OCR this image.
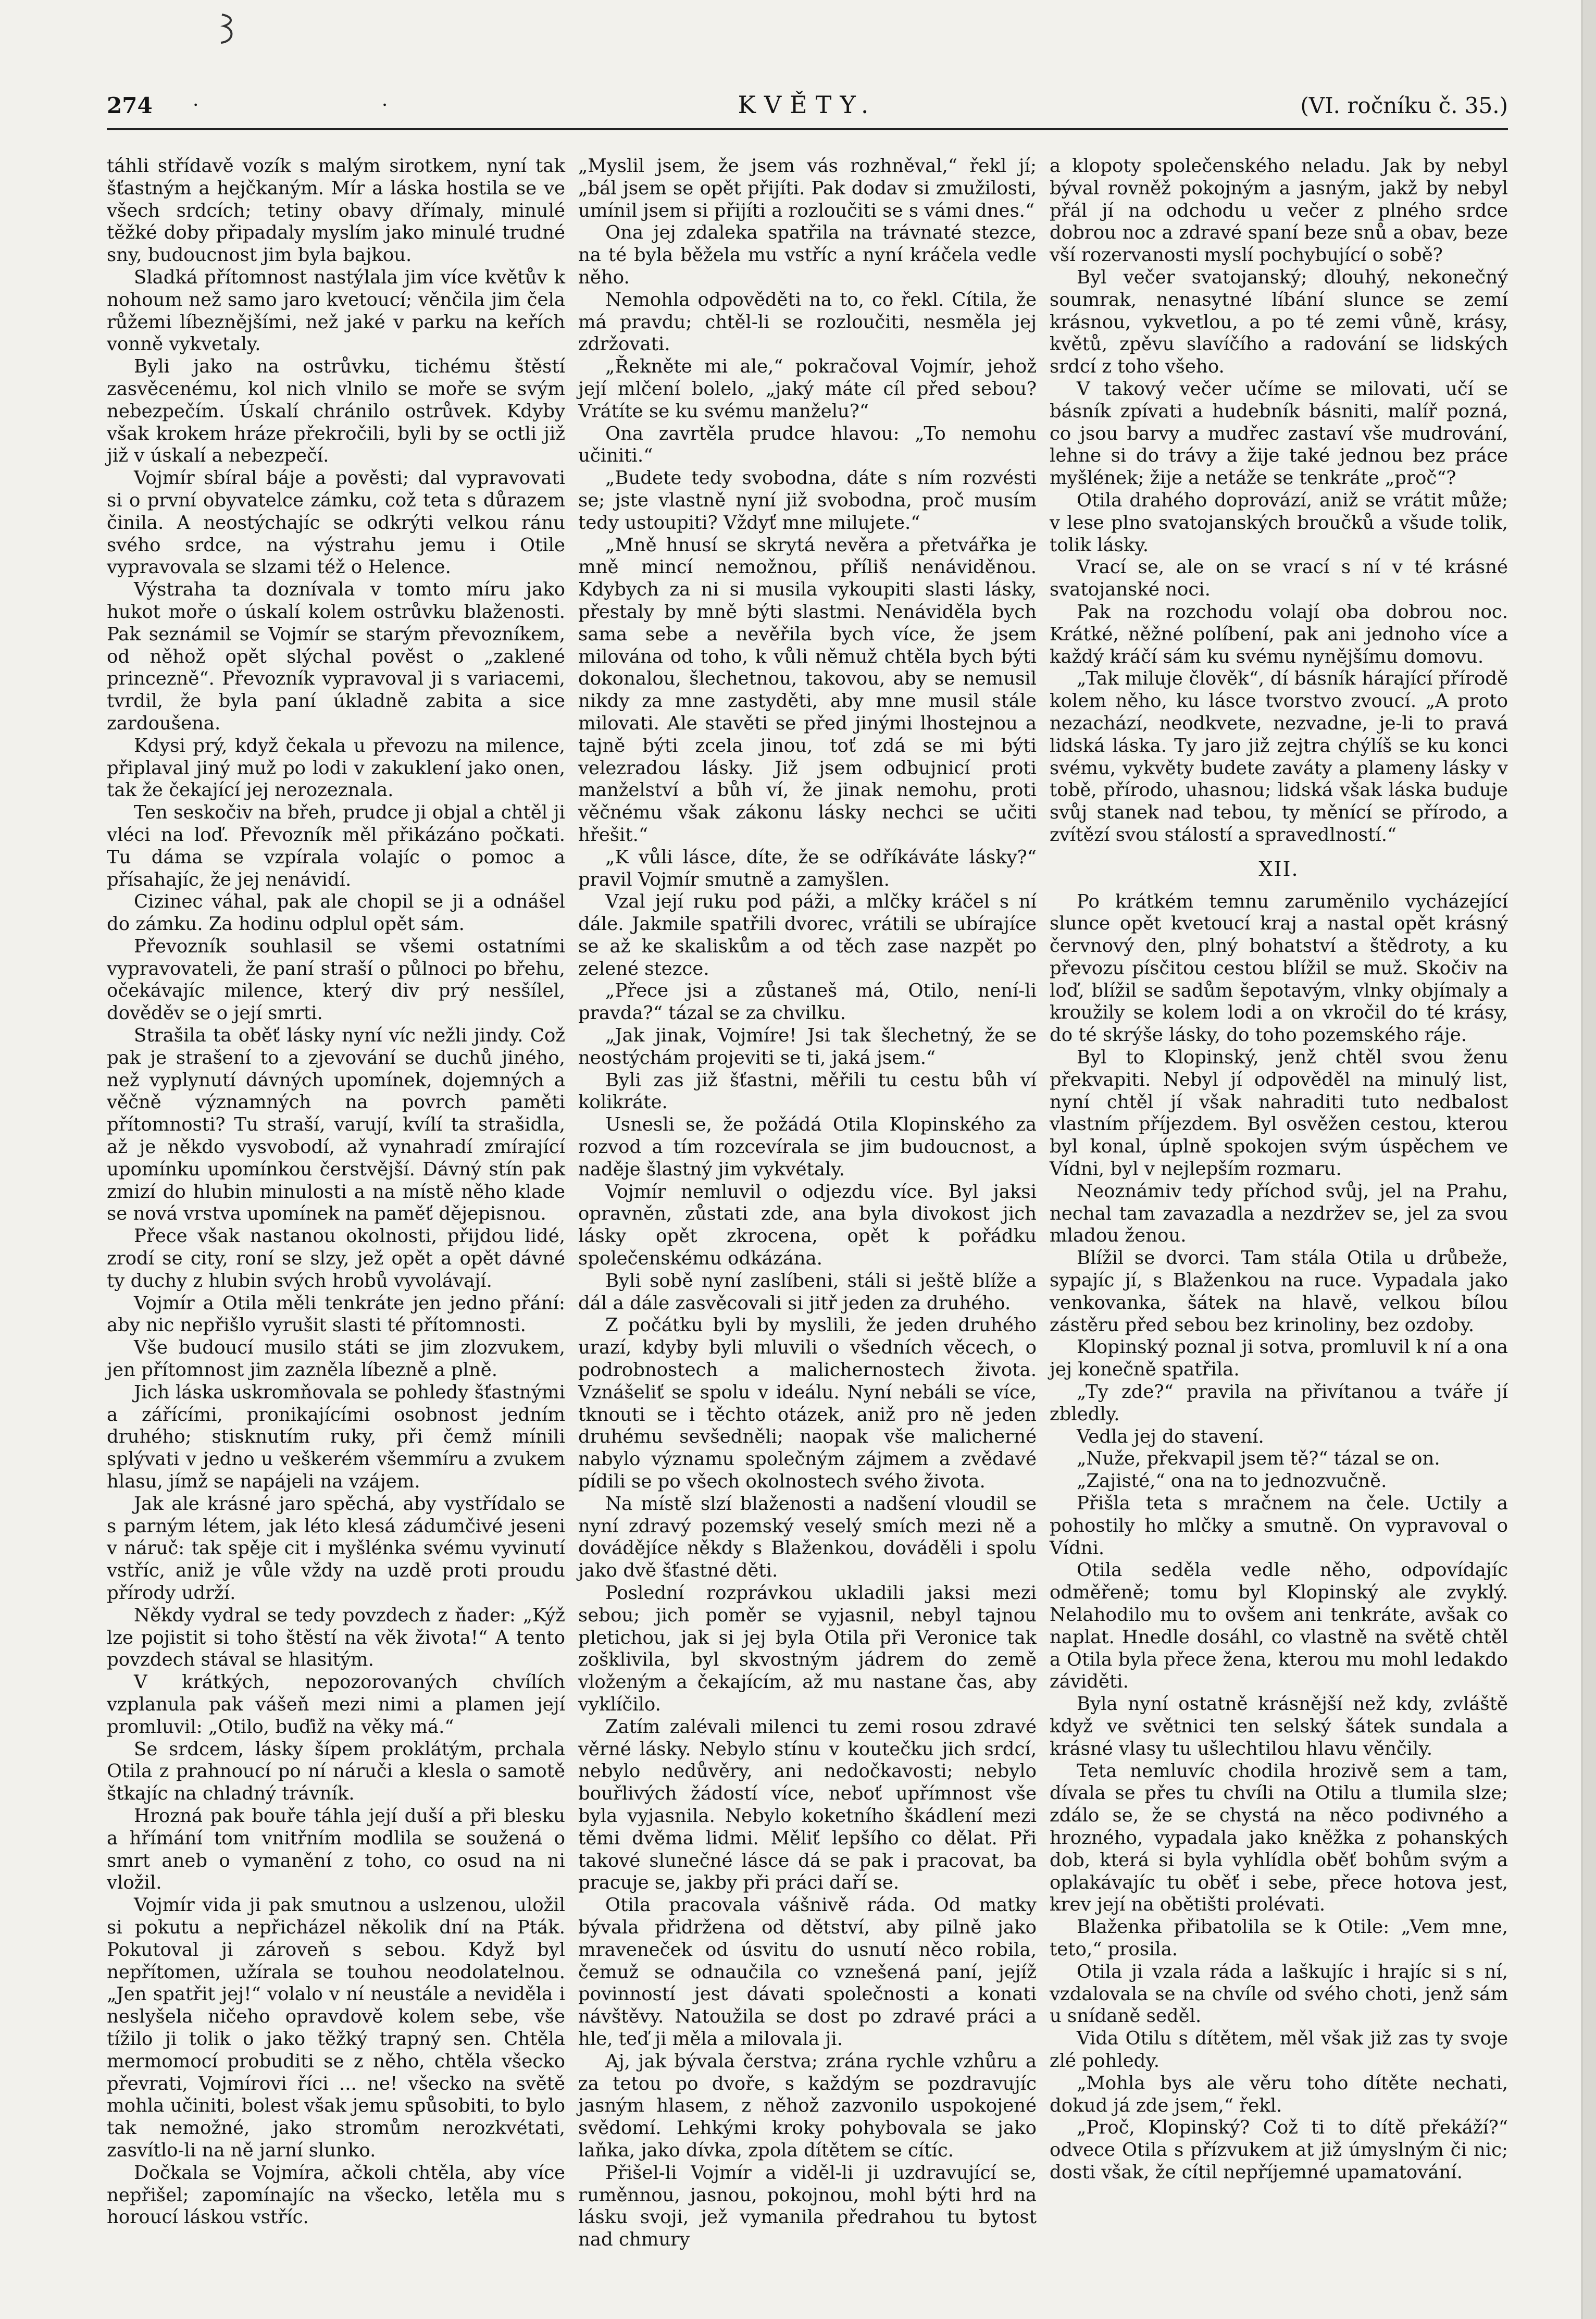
274 · ·	KVĚTY.	(VI. ročníku č. 35.)

táhli střídavě vozík s malým sirotkem, nyní tak šťastným a hejčkaným. Mír a láska hostila se ve všech srdcích; tetiny obavy dřímaly, minulé těžké doby připadaly myslím jako minulé trudné sny, budoucnost jim byla bajkou.

Sladká přítomnost nastýlala jim více květův k nohoum než samo jaro kvetoucí; věnčila jim čela růžemi líbeznějšími, než jaké v parku na keřích vonně vykvetaly.

Byli jako na ostrůvku, tichému štěstí zasvěcenému, kol nich vlnilo se moře se svým nebezpečím. Úskalí chránilo ostrůvek. Kdyby však krokem hráze překročili, byli by se octli již již v úskalí a nebezpečí.

Vojmír sbíral báje a pověsti; dal vypravovati si o první obyvatelce zámku, což teta s důrazem činila. A neostýchajíc se odkrýti velkou ránu svého srdce, na výstrahu jemu i Otile vypravovala se slzami též o Helence.

Výstraha ta doznívala v tomto míru jako hukot moře o úskalí kolem ostrůvku blaženosti. Pak seznámil se Vojmír se starým převozníkem, od něhož opět slýchal pověst o „zaklené princezně“. Převozník vypravoval ji s variacemi, tvrdil, že byla paní úkladně zabita a sice zardoušena.

Kdysi prý, když čekala u převozu na milence, připlaval jiný muž po lodi v zakuklení jako onen, tak že čekající jej nerozeznala.

Ten seskočiv na břeh, prudce ji objal a chtěl ji vléci na loď. Převozník měl přikázáno počkati. Tu dáma se vzpírala volajíc o pomoc a přísahajíc, že jej nenávidí.

Cizinec váhal, pak ale chopil se ji a odnášel do zámku. Za hodinu odplul opět sám.

Převozník souhlasil se všemi ostatními vypravovateli, že paní straší o půlnoci po břehu, očekávajíc milence, který div prý nesšílel, dověděv se o její smrti.

Strašila ta oběť lásky nyní víc nežli jindy. Což pak je strašení to a zjevování se duchů jiného, než vyplynutí dávných upomínek, dojemných a věčně významných na povrch paměti přítomnosti? Tu straší, varují, kvílí ta strašidla, až je někdo vysvobodí, až vynahradí zmírající upomínku upomínkou čerstvější. Dávný stín pak zmizí do hlubin minulosti a na místě něho klade se nová vrstva upomínek na paměť dějepisnou.

Přece však nastanou okolnosti, přijdou lidé, zrodí se city, roní se slzy, jež opět a opět dávné ty duchy z hlubin svých hrobů vyvolávají.

Vojmír a Otila měli tenkráte jen jedno přání: aby nic nepřišlo vyrušit slasti té přítomnosti.

Vše budoucí musilo státi se jim zlozvukem, jen přítomnost jim zazněla líbezně a plně.

Jich láska uskromňovala se pohledy šťastnými a zářícími, pronikajícími osobnost jedním druhého; stisknutím ruky, při čemž mínili splývati v jedno u veškerém všemmíru a zvukem hlasu, jímž se napájeli na vzájem.

Jak ale krásné jaro spěchá, aby vystřídalo se s parným létem, jak léto klesá zádumčivé jeseni v náruč: tak spěje cit i myšlénka svému vyvinutí vstříc, aniž je vůle vždy na uzdě proti proudu přírody udrží.

Někdy vydral se tedy povzdech z ňader: „Kýž lze pojistit si toho štěstí na věk života!“ A tento povzdech stával se hlasitým.

V krátkých, nepozorovaných chvílích vzplanula pak vášeň mezi nimi a plamen její promluvil: „Otilo, buďiž na věky má.“

Se srdcem, lásky šípem proklátým, prchala Otila z prahnoucí po ní náruči a klesla o samotě štkajíc na chladný trávník.

Hrozná pak bouře táhla její duší a při blesku a hřímání tom vnitřním modlila se soužená o smrt aneb o vymanění z toho, co osud na ni vložil.

Vojmír vida ji pak smutnou a uslzenou, uložil si pokutu a nepřicházel několik dní na Pták. Pokutoval ji zároveň s sebou. Když byl nepřítomen, užírala se touhou neodolatelnou. „Jen spatřit jej!“ volalo v ní neustále a neviděla i neslyšela ničeho opravdově kolem sebe, vše tížilo ji tolik o jako těžký trapný sen. Chtěla mermomocí probuditi se z něho, chtěla všecko převrati, Vojmírovi říci ... ne! všecko na světě mohla učiniti, bolest však jemu spůsobiti, to bylo tak nemožné, jako stromům nerozkvétati, zasvítlo-li na ně jarní slunko.

Dočkala se Vojmíra, ačkoli chtěla, aby více nepřišel; zapomínajíc na všecko, letěla mu s horoucí láskou vstříc.

„Myslil jsem, že jsem vás rozhněval,“ řekl jí; „bál jsem se opět přijíti. Pak dodav si zmužilosti, umínil jsem si přijíti a rozloučiti se s vámi dnes.“

Ona jej zdaleka spatřila na trávnaté stezce, na té byla běžela mu vstříc a nyní kráčela vedle něho.

Nemohla odpověděti na to, co řekl. Cítila, že má pravdu; chtěl-li se rozloučiti, nesměla jej zdržovati.

„Řekněte mi ale,“ pokračoval Vojmír, jehož její mlčení bolelo, „jaký máte cíl před sebou? Vrátíte se ku svému manželu?“

Ona zavrtěla prudce hlavou: „To nemohu učiniti.“

„Budete tedy svobodna, dáte s ním rozvésti se; jste vlastně nyní již svobodna, proč musím tedy ustoupiti? Vždyť mne milujete.“

„Mně hnusí se skrytá nevěra a přetvářka je mně mincí nemožnou, příliš nenáviděnou. Kdybych za ni si musila vykoupiti slasti lásky, přestaly by mně býti slastmi. Nenáviděla bych sama sebe a nevěřila bych více, že jsem milována od toho, k vůli němuž chtěla bych býti dokonalou, šlechetnou, takovou, aby se nemusil nikdy za mne zastyděti, aby mne musil stále milovati. Ale stavěti se před jinými lhostejnou a tajně býti zcela jinou, toť zdá se mi býti velezradou lásky. Již jsem odbujnicí proti manželství a bůh ví, že jinak nemohu, proti věčnému však zákonu lásky nechci se učiti hřešit.“

„K vůli lásce, díte, že se odříkáváte lásky?“ pravil Vojmír smutně a zamyšlen.

Vzal její ruku pod páži, a mlčky kráčel s ní dále. Jakmile spatřili dvorec, vrátili se ubírajíce se až ke skaliskům a od těch zase nazpět po zelené stezce.

„Přece jsi a zůstaneš má, Otilo, není-li pravda?“ tázal se za chvilku.

„Jak jinak, Vojmíre! Jsi tak šlechetný, že se neostýchám projeviti se ti, jaká jsem.“

Byli zas již šťastni, měřili tu cestu bůh ví kolikráte.

Usnesli se, že požádá Otila Klopinského za rozvod a tím rozcevírala se jim budoucnost, a naděje šlastný jim vykvétaly.

Vojmír nemluvil o odjezdu více. Byl jaksi opravněn, zůstati zde, ana byla divokost jich lásky opět zkrocena, opět k pořádku společenskému odkázána.

Byli sobě nyní zaslíbeni, stáli si ještě blíže a dál a dále zasvěcovali si jitř jeden za druhého.

Z počátku byli by myslili, že jeden druhého urazí, kdyby byli mluvili o všedních věcech, o podrobnostech a malichernostech života. Vznášeliť se spolu v ideálu. Nyní nebáli se více, tknouti se i těchto otázek, aniž pro ně jeden druhému sevšedněli; naopak vše malicherné nabylo významu společným zájmem a zvědavé pídili se po všech okolnostech svého života.

Na místě slzí blaženosti a nadšení vloudil se nyní zdravý pozemský veselý smích mezi ně a dovádějíce někdy s Blaženkou, dováděli i spolu jako dvě šťastné děti.

Poslední rozprávkou ukladili jaksi mezi sebou; jich poměr se vyjasnil, nebyl tajnou pletichou, jak si jej byla Otila při Veronice tak zošklivila, byl skvostným jádrem do země vloženým a čekajícím, až mu nastane čas, aby vyklíčilo.

Zatím zalévali milenci tu zemi rosou zdravé věrné lásky. Nebylo stínu v koutečku jich srdcí, nebylo nedůvěry, ani nedočkavosti; nebylo bouřlivých žádostí více, neboť upřímnost vše byla vyjasnila. Nebylo koketního škádlení mezi těmi dvěma lidmi. Měliť lepšího co dělat. Při takové slunečné lásce dá se pak i pracovat, ba pracuje se, jakby při práci daří se.

Otila pracovala vášnivě ráda. Od matky bývala přidržena od dětství, aby pilně jako mraveneček od úsvitu do usnutí něco robila, čemuž se odnaučila co vznešená paní, jejíž povinností jest dávati společnosti a konati návštěvy. Natoužila se dost po zdravé práci a hle, teď ji měla a milovala ji.

Aj, jak bývala čerstva; zrána rychle vzhůru a za tetou po dvoře, s každým se pozdravujíc jasným hlasem, z něhož zazvonilo uspokojené svědomí. Lehkými kroky pohybovala se jako laňka, jako dívka, zpola dítětem se cítíc.

Přišel-li Vojmír a viděl-li ji uzdravující se, ruměnnou, jasnou, pokojnou, mohl býti hrd na lásku svoji, jež vymanila předrahou tu bytost nad chmury

a klopoty společenského neladu. Jak by nebyl býval rovněž pokojným a jasným, jakž by nebyl přál jí na odchodu u večer z plného srdce dobrou noc a zdravé spaní beze snů a obav, beze vší rozervanosti myslí pochybující o sobě?

Byl večer svatojanský; dlouhý, nekonečný soumrak, nenasytné líbání slunce se zemí krásnou, vykvetlou, a po té zemi vůně, krásy, květů, zpěvu slavíčího a radování se lidských srdcí z toho všeho.

V takový večer učíme se milovati, učí se básník zpívati a hudebník básniti, malíř pozná, co jsou barvy a mudřec zastaví vše mudrování, lehne si do trávy a žije také jednou bez práce myšlének; žije a netáže se tenkráte „proč“?

Otila drahého doprovází, aniž se vrátit může; v lese plno svatojanských broučků a všude tolik, tolik lásky.

Vrací se, ale on se vrací s ní v té krásné svatojanské noci.

Pak na rozchodu volají oba dobrou noc. Krátké, něžné políbení, pak ani jednoho více a každý kráčí sám ku svému nynějšímu domovu.

„Tak miluje člověk“, dí básník hárající přírodě kolem něho, ku lásce tvorstvo zvoucí. „A proto nezachází, neodkvete, nezvadne, je-li to pravá lidská láska. Ty jaro již zejtra chýlíš se ku konci svému, vykvěty budete zaváty a plameny lásky v tobě, přírodo, uhasnou; lidská však láska buduje svůj stanek nad tebou, ty měnící se přírodo, a zvítězí svou stálostí a spravedlností.“

XII.

Po krátkém temnu zaruměnilo vycházející slunce opět kvetoucí kraj a nastal opět krásný červnový den, plný bohatství a štědroty, a ku převozu písčitou cestou blížil se muž. Skočiv na loď, blížil se sadům šepotavým, vlnky objímaly a kroužily se kolem lodi a on vkročil do té krásy, do té skrýše lásky, do toho pozemského ráje.

Byl to Klopinský, jenž chtěl svou ženu překvapiti. Nebyl jí odpověděl na minulý list, nyní chtěl jí však nahraditi tuto nedbalost vlastním příjezdem. Byl osvěžen cestou, kterou byl konal, úplně spokojen svým úspěchem ve Vídni, byl v nejlepším rozmaru.

Neoznámiv tedy příchod svůj, jel na Prahu, nechal tam zavazadla a nezdržev se, jel za svou mladou ženou.

Blížil se dvorci. Tam stála Otila u drůbeže, sypajíc jí, s Blaženkou na ruce. Vypadala jako venkovanka, šátek na hlavě, velkou bílou zástěru před sebou bez krinoliny, bez ozdoby.

Klopinský poznal ji sotva, promluvil k ní a ona jej konečně spatřila.

„Ty zde?“ pravila na přivítanou a tváře jí zbledly.

Vedla jej do stavení.

„Nuže, překvapil jsem tě?“ tázal se on.

„Zajisté,“ ona na to jednozvučně.

Přišla teta s mračnem na čele. Uctily a pohostily ho mlčky a smutně. On vypravoval o Vídni.

Otila seděla vedle něho, odpovídajíc odměřeně; tomu byl Klopinský ale zvyklý. Nelahodilo mu to ovšem ani tenkráte, avšak co naplat. Hnedle dosáhl, co vlastně na světě chtěl a Otila byla přece žena, kterou mu mohl ledakdo záviděti.

Byla nyní ostatně krásnější než kdy, zvláště když ve světnici ten selský šátek sundala a krásné vlasy tu ušlechtilou hlavu věnčily.

Teta nemluvíc chodila hrozivě sem a tam, dívala se přes tu chvíli na Otilu a tlumila slze; zdálo se, že se chystá na něco podivného a hrozného, vypadala jako kněžka z pohanských dob, která si byla vyhlídla oběť bohům svým a oplakávajíc tu oběť i sebe, přece hotova jest, krev její na obětišti prolévati.

Blaženka přibatolila se k Otile: „Vem mne, teto,“ prosila.

Otila ji vzala ráda a laškujíc i hrajíc si s ní, vzdalovala se na chvíle od svého choti, jenž sám u snídaně seděl.

Vida Otilu s dítětem, měl však již zas ty svoje zlé pohledy.

„Mohla bys ale věru toho dítěte nechati, dokud já zde jsem,“ řekl.

„Proč, Klopinský? Což ti to dítě překáží?“ odvece Otila s přízvukem at již úmyslným či nic; dosti však, že cítil nepříjemné upamatování.
